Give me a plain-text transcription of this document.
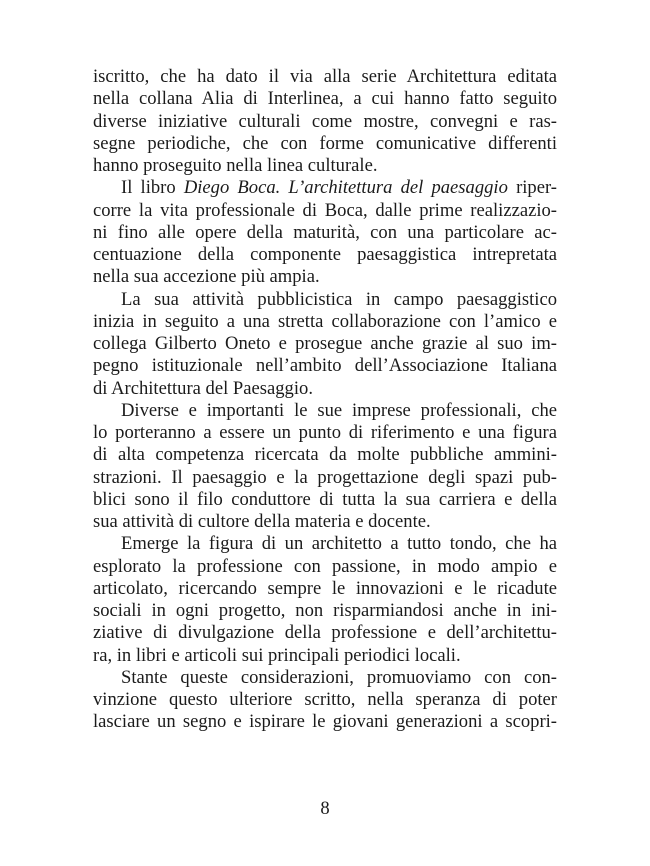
iscritto, che ha dato il via alla serie Architettura editata
nella collana Alia di Interlinea, a cui hanno fatto seguito
diverse iniziative culturali come mostre, convegni e ras-
segne periodiche, che con forme comunicative differenti
hanno proseguito nella linea culturale.
Il libro Diego Boca. L’architettura del paesaggio riper-
corre la vita professionale di Boca, dalle prime realizzazio-
ni fino alle opere della maturità, con una particolare ac-
centuazione della componente paesaggistica intrepretata
nella sua accezione più ampia.
La sua attività pubblicistica in campo paesaggistico
inizia in seguito a una stretta collaborazione con l’amico e
collega Gilberto Oneto e prosegue anche grazie al suo im-
pegno istituzionale nell’ambito dell’Associazione Italiana
di Architettura del Paesaggio.
Diverse e importanti le sue imprese professionali, che
lo porteranno a essere un punto di riferimento e una figura
di alta competenza ricercata da molte pubbliche ammini-
strazioni. Il paesaggio e la progettazione degli spazi pub-
blici sono il filo conduttore di tutta la sua carriera e della
sua attività di cultore della materia e docente.
Emerge la figura di un architetto a tutto tondo, che ha
esplorato la professione con passione, in modo ampio e
articolato, ricercando sempre le innovazioni e le ricadute
sociali in ogni progetto, non risparmiandosi anche in ini-
ziative di divulgazione della professione e dell’architettu-
ra, in libri e articoli sui principali periodici locali.
Stante queste considerazioni, promuoviamo con con-
vinzione questo ulteriore scritto, nella speranza di poter
lasciare un segno e ispirare le giovani generazioni a scopri-
8
